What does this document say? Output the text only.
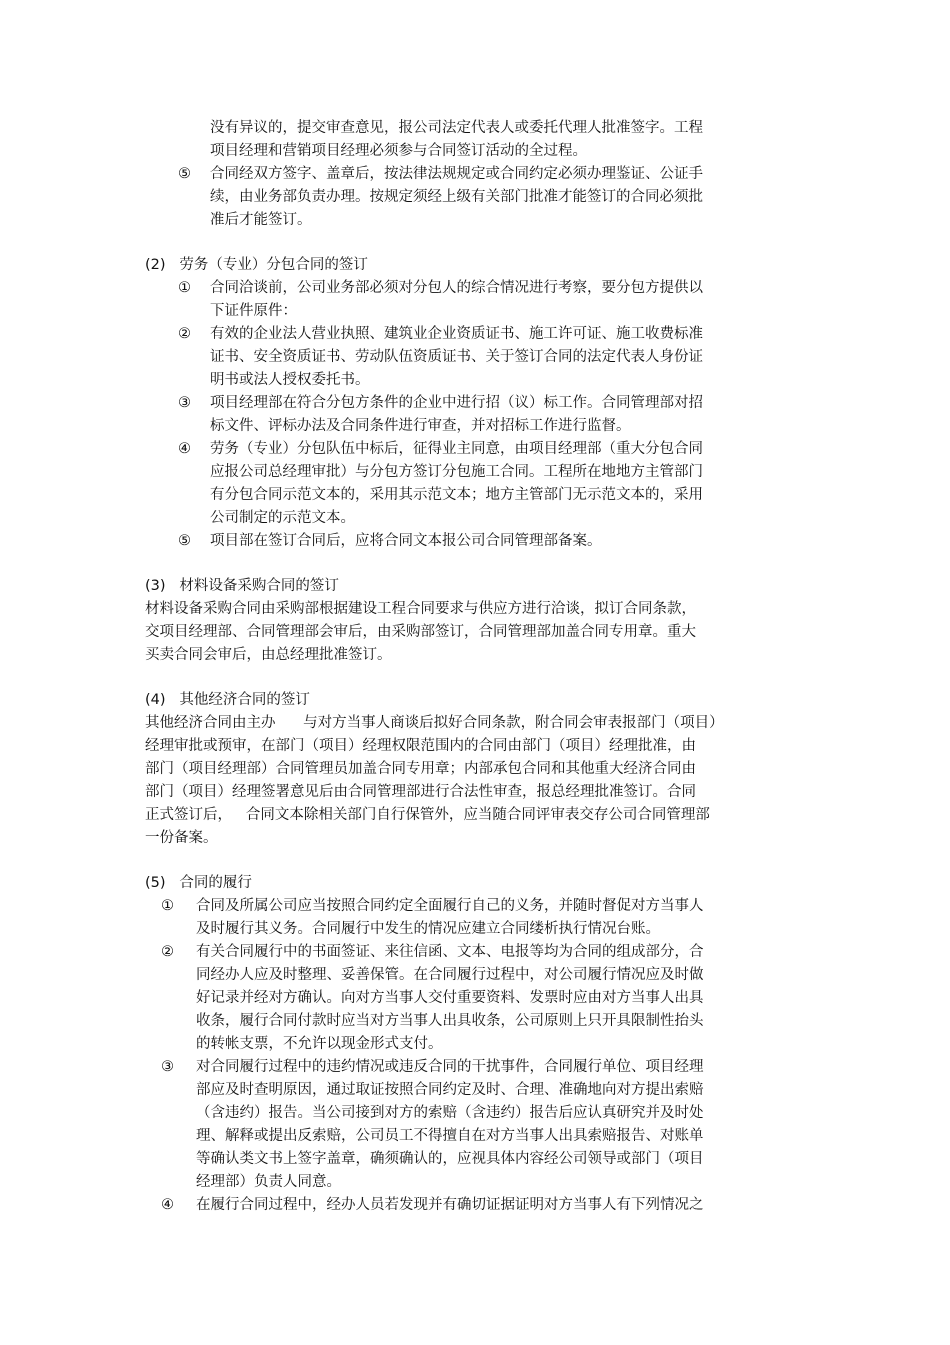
没有异议的，提交审查意见，报公司法定代表人或委托代理人批准签字。工程
项目经理和营销项目经理必须参与合同签订活动的全过程。
⑤ 合同经双方签字、盖章后，按法律法规规定或合同约定必须办理鉴证、公证手
续，由业务部负责办理。按规定须经上级有关部门批准才能签订的合同必须批
准后才能签订。
(2)   劳务（专业）分包合同的签订
① 合同洽谈前，公司业务部必须对分包人的综合情况进行考察，要分包方提供以
下证件原件：
② 有效的企业法人营业执照、建筑业企业资质证书、施工许可证、施工收费标准
证书、安全资质证书、劳动队伍资质证书、关于签订合同的法定代表人身份证
明书或法人授权委托书。
③ 项目经理部在符合分包方条件的企业中进行招（议）标工作。合同管理部对招
标文件、评标办法及合同条件进行审查，并对招标工作进行监督。
④ 劳务（专业）分包队伍中标后，征得业主同意，由项目经理部（重大分包合同
应报公司总经理审批）与分包方签订分包施工合同。工程所在地地方主管部门
有分包合同示范文本的，采用其示范文本；地方主管部门无示范文本的，采用
公司制定的示范文本。
⑤ 项目部在签订合同后，应将合同文本报公司合同管理部备案。
(3)   材料设备采购合同的签订
材料设备采购合同由采购部根据建设工程合同要求与供应方进行洽谈，拟订合同条款，
交项目经理部、合同管理部会审后，由采购部签订，合同管理部加盖合同专用章。重大
买卖合同会审后，由总经理批准签订。
(4)   其他经济合同的签订
其他经济合同由主办      与对方当事人商谈后拟好合同条款，附合同会审表报部门（项目）
经理审批或预审，在部门（项目）经理权限范围内的合同由部门（项目）经理批准，由
部门（项目经理部）合同管理员加盖合同专用章；内部承包合同和其他重大经济合同由
部门（项目）经理签署意见后由合同管理部进行合法性审查，报总经理批准签订。合同
正式签订后，   合同文本除相关部门自行保管外，应当随合同评审表交存公司合同管理部
一份备案。
(5)   合同的履行
① 合同及所属公司应当按照合同约定全面履行自己的义务，并随时督促对方当事人
及时履行其义务。合同履行中发生的情况应建立合同缕析执行情况台账。
② 有关合同履行中的书面签证、来往信函、文本、电报等均为合同的组成部分，合
同经办人应及时整理、妥善保管。在合同履行过程中，对公司履行情况应及时做
好记录并经对方确认。向对方当事人交付重要资料、发票时应由对方当事人出具
收条，履行合同付款时应当对方当事人出具收条，公司原则上只开具限制性抬头
的转帐支票，不允许以现金形式支付。
③ 对合同履行过程中的违约情况或违反合同的干扰事件，合同履行单位、项目经理
部应及时查明原因，通过取证按照合同约定及时、合理、准确地向对方提出索赔
（含违约）报告。当公司接到对方的索赔（含违约）报告后应认真研究并及时处
理、解释或提出反索赔，公司员工不得擅自在对方当事人出具索赔报告、对账单
等确认类文书上签字盖章，确须确认的，应视具体内容经公司领导或部门（项目
经理部）负责人同意。
④ 在履行合同过程中，经办人员若发现并有确切证据证明对方当事人有下列情况之
